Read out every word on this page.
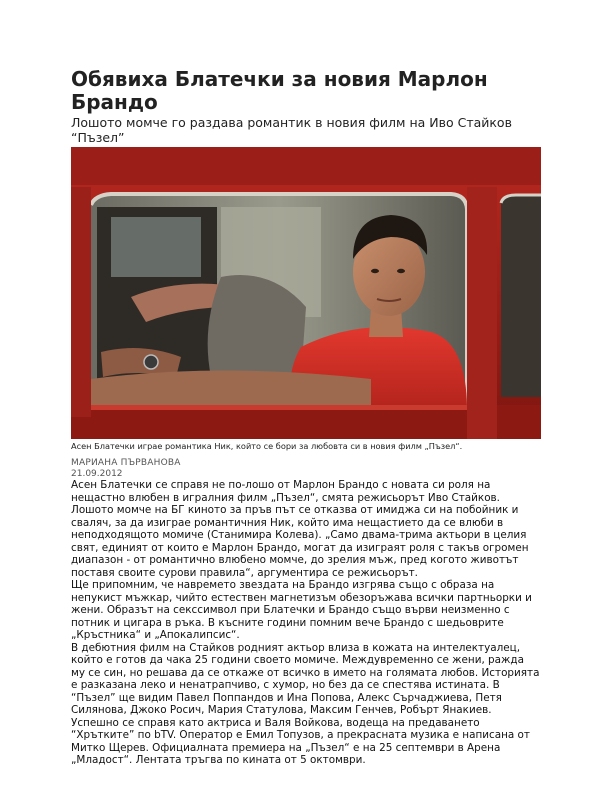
Обявиха Блатечки за новия Марлон Брандо
Лошото момче го раздава романтик в новия филм на Иво Стайков “Пъзел”
Асен Блатечки играе романтика Ник, който се бори за любовта си в новия филм „Пъзел“.
МАРИАНА ПЪРВАНОВА
21.09.2012

Асен Блатечки се справя не по-лошо от Марлон Брандо с новата си роля на нещастно влюбен в игралния филм „Пъзел“, смята режисьорът Иво Стайков. Лошото момче на БГ киното за пръв път се отказва от имиджа си на побойник и сваляч, за да изиграе романтичния Ник, който има нещастието да се влюби в неподходящото момиче (Станимира Колева). „Само двама-трима актьори в целия свят, единият от които е Марлон Брандо, могат да изиграят роля с такъв огромен диапазон - от романтично влюбено момче, до зрелия мъж, пред когото животът поставя своите сурови правила“, аргументира се режисьорът.

Ще припомним, че навремето звездата на Брандо изгрява също с образа на непукист мъжкар, чийто естествен магнетизъм обезоръжава всички партньорки и жени. Образът на секссимвол при Блатечки и Брандо също върви неизменно с потник и цигара в ръка. В късните години помним вече Брандо с шедьоврите „Кръстника“ и „Апокалипсис“.

В дебютния филм на Стайков родният актьор влиза в кожата на интелектуалец, който е готов да чака 25 години своето момиче. Междувременно се жени, ражда му се син, но решава да се откаже от всичко в името на голямата любов. Историята е разказана леко и ненатрапчиво, с хумор, но без да се спестява истината. В “Пъзел” ще видим Павел Поппандов и Ина Попова, Алекс Сърчаджиева, Петя Силянова, Джоко Росич, Мария Статулова, Максим Генчев, Робърт Янакиев. Успешно се справя като актриса и Валя Войкова, водеща на предаването “Хрътките” по bTV. Оператор е Емил Топузов, а прекрасната музика е написана от Митко Щерев. Официалната премиера на „Пъзел“ е на 25 септември в Арена „Младост“. Лентата тръгва по кината от 5 октомври.
